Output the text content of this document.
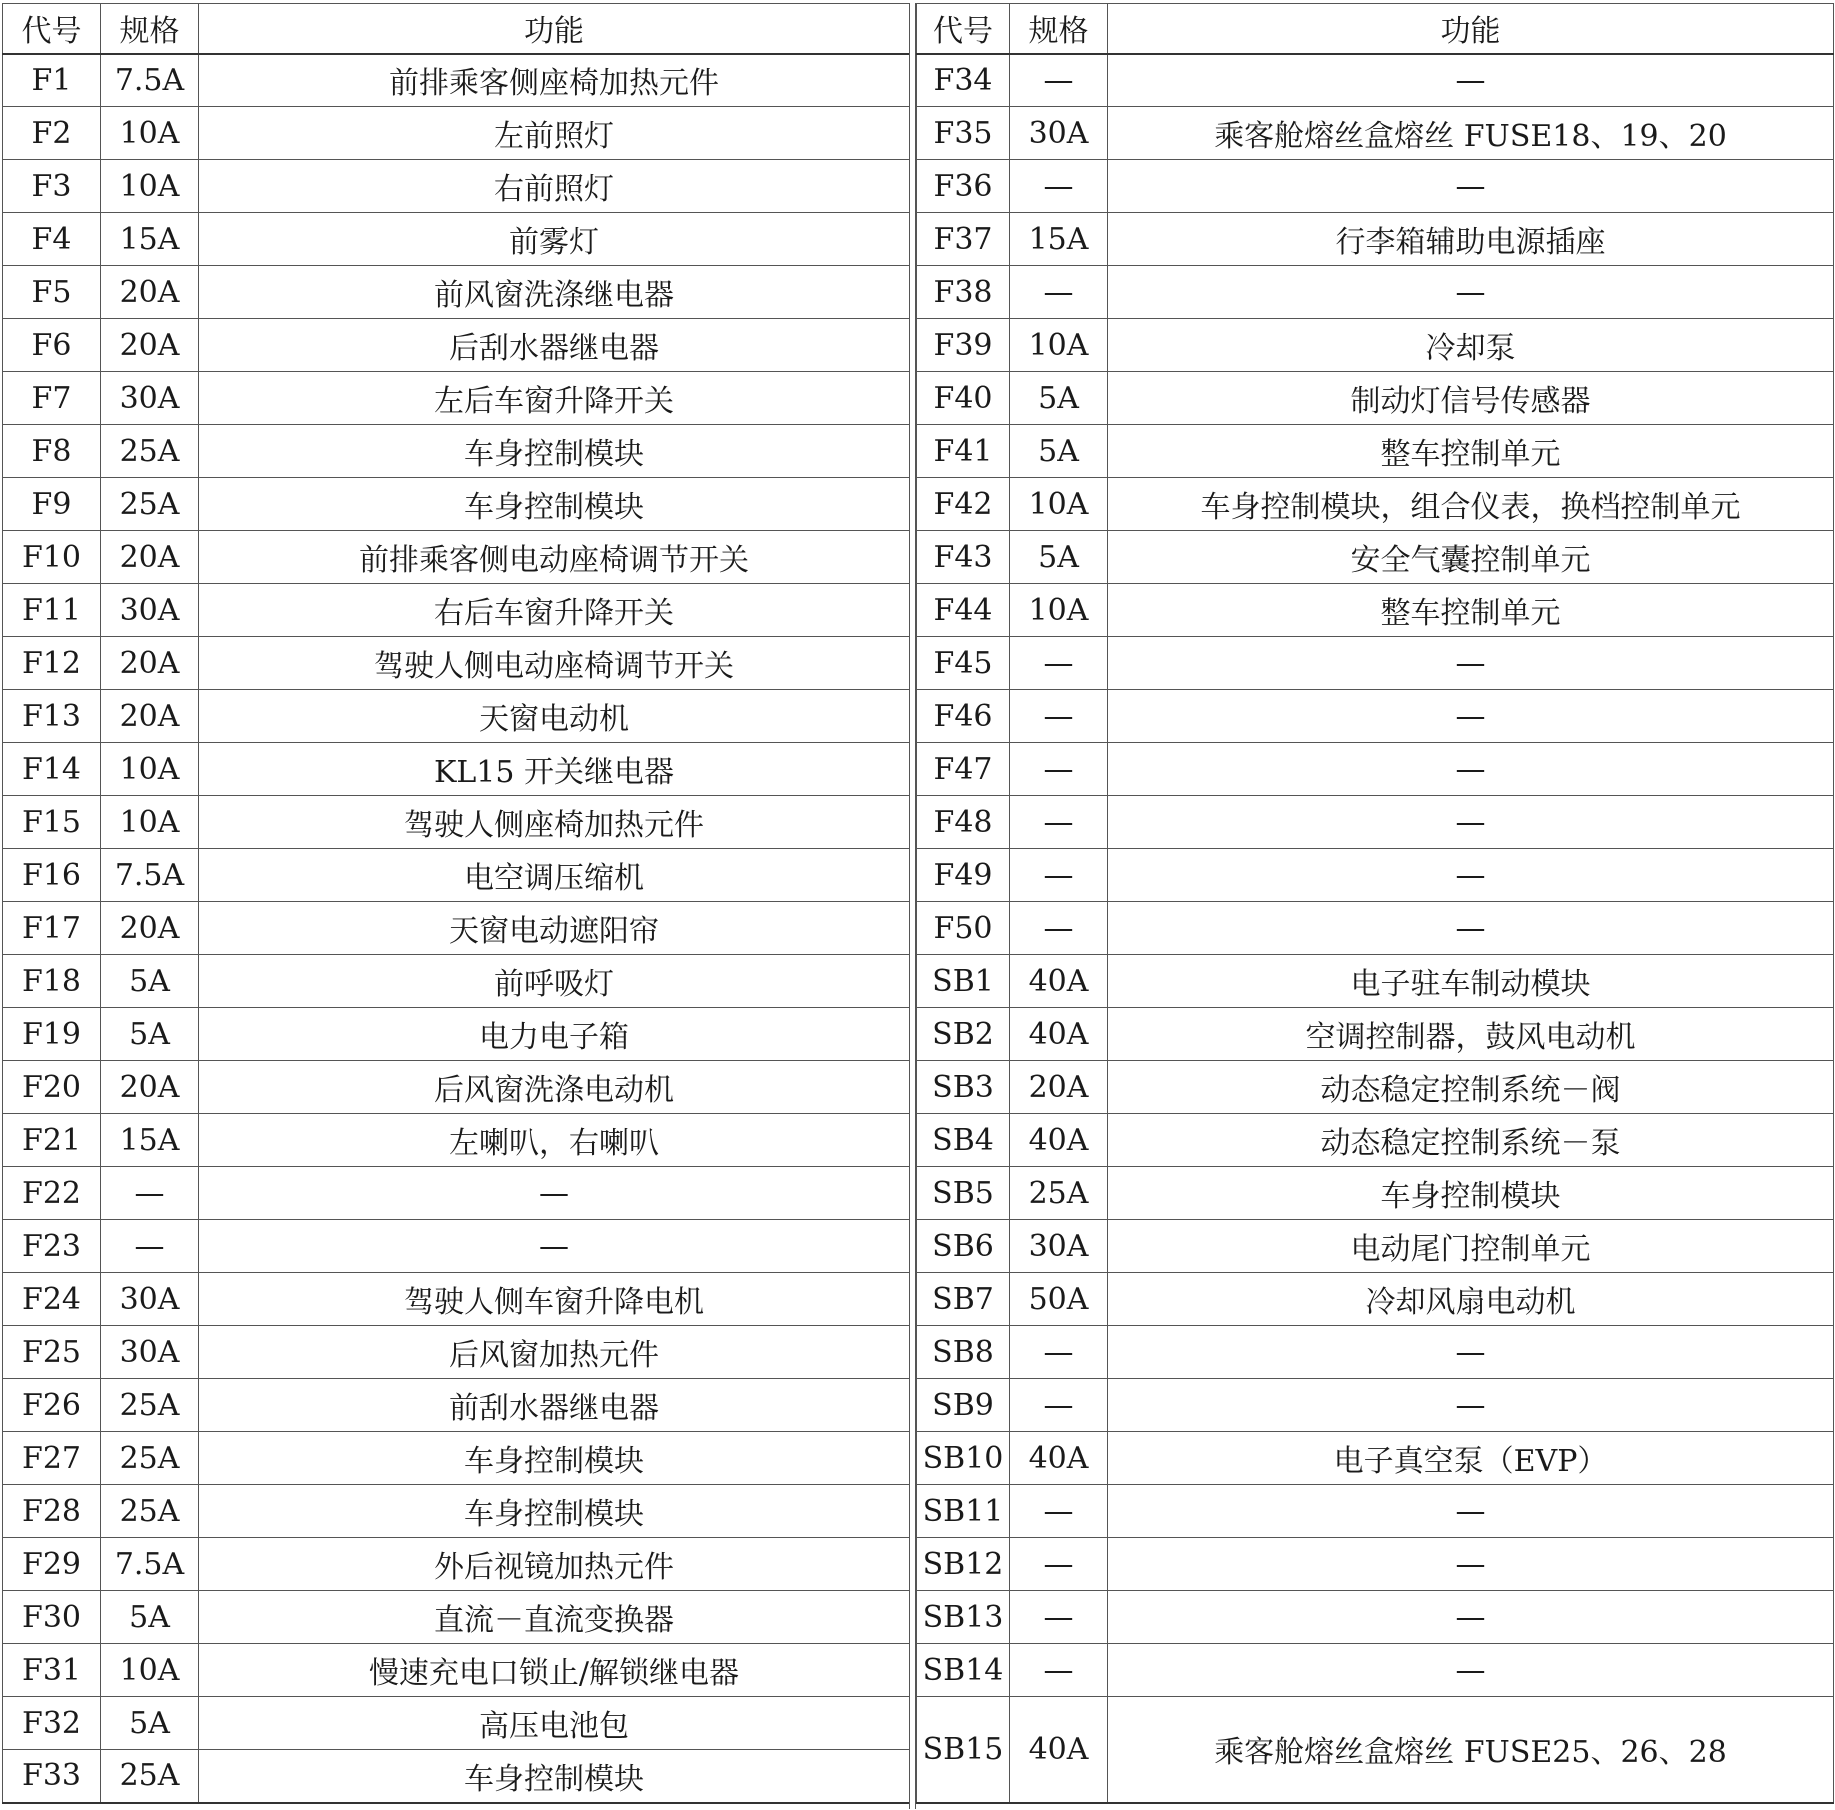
代号	规格	功能
F1	7.5A	前排乘客侧座椅加热元件
F2	10A	左前照灯
F3	10A	右前照灯
F4	15A	前雾灯
F5	20A	前风窗洗涤继电器
F6	20A	后刮水器继电器
F7	30A	左后车窗升降开关
F8	25A	车身控制模块
F9	25A	车身控制模块
F10	20A	前排乘客侧电动座椅调节开关
F11	30A	右后车窗升降开关
F12	20A	驾驶人侧电动座椅调节开关
F13	20A	天窗电动机
F14	10A	KL15 开关继电器
F15	10A	驾驶人侧座椅加热元件
F16	7.5A	电空调压缩机
F17	20A	天窗电动遮阳帘
F18	5A	前呼吸灯
F19	5A	电力电子箱
F20	20A	后风窗洗涤电动机
F21	15A	左喇叭，右喇叭
F22	—	—
F23	—	—
F24	30A	驾驶人侧车窗升降电机
F25	30A	后风窗加热元件
F26	25A	前刮水器继电器
F27	25A	车身控制模块
F28	25A	车身控制模块
F29	7.5A	外后视镜加热元件
F30	5A	直流－直流变换器
F31	10A	慢速充电口锁止/解锁继电器
F32	5A	高压电池包
F33	25A	车身控制模块
代号	规格	功能
F34	—	—
F35	30A	乘客舱熔丝盒熔丝 FUSE18、19、20
F36	—	—
F37	15A	行李箱辅助电源插座
F38	—	—
F39	10A	冷却泵
F40	5A	制动灯信号传感器
F41	5A	整车控制单元
F42	10A	车身控制模块，组合仪表，换档控制单元
F43	5A	安全气囊控制单元
F44	10A	整车控制单元
F45	—	—
F46	—	—
F47	—	—
F48	—	—
F49	—	—
F50	—	—
SB1	40A	电子驻车制动模块
SB2	40A	空调控制器，鼓风电动机
SB3	20A	动态稳定控制系统－阀
SB4	40A	动态稳定控制系统－泵
SB5	25A	车身控制模块
SB6	30A	电动尾门控制单元
SB7	50A	冷却风扇电动机
SB8	—	—
SB9	—	—
SB10	40A	电子真空泵（EVP）
SB11	—	—
SB12	—	—
SB13	—	—
SB14	—	—
SB15	40A	乘客舱熔丝盒熔丝 FUSE25、26、28
